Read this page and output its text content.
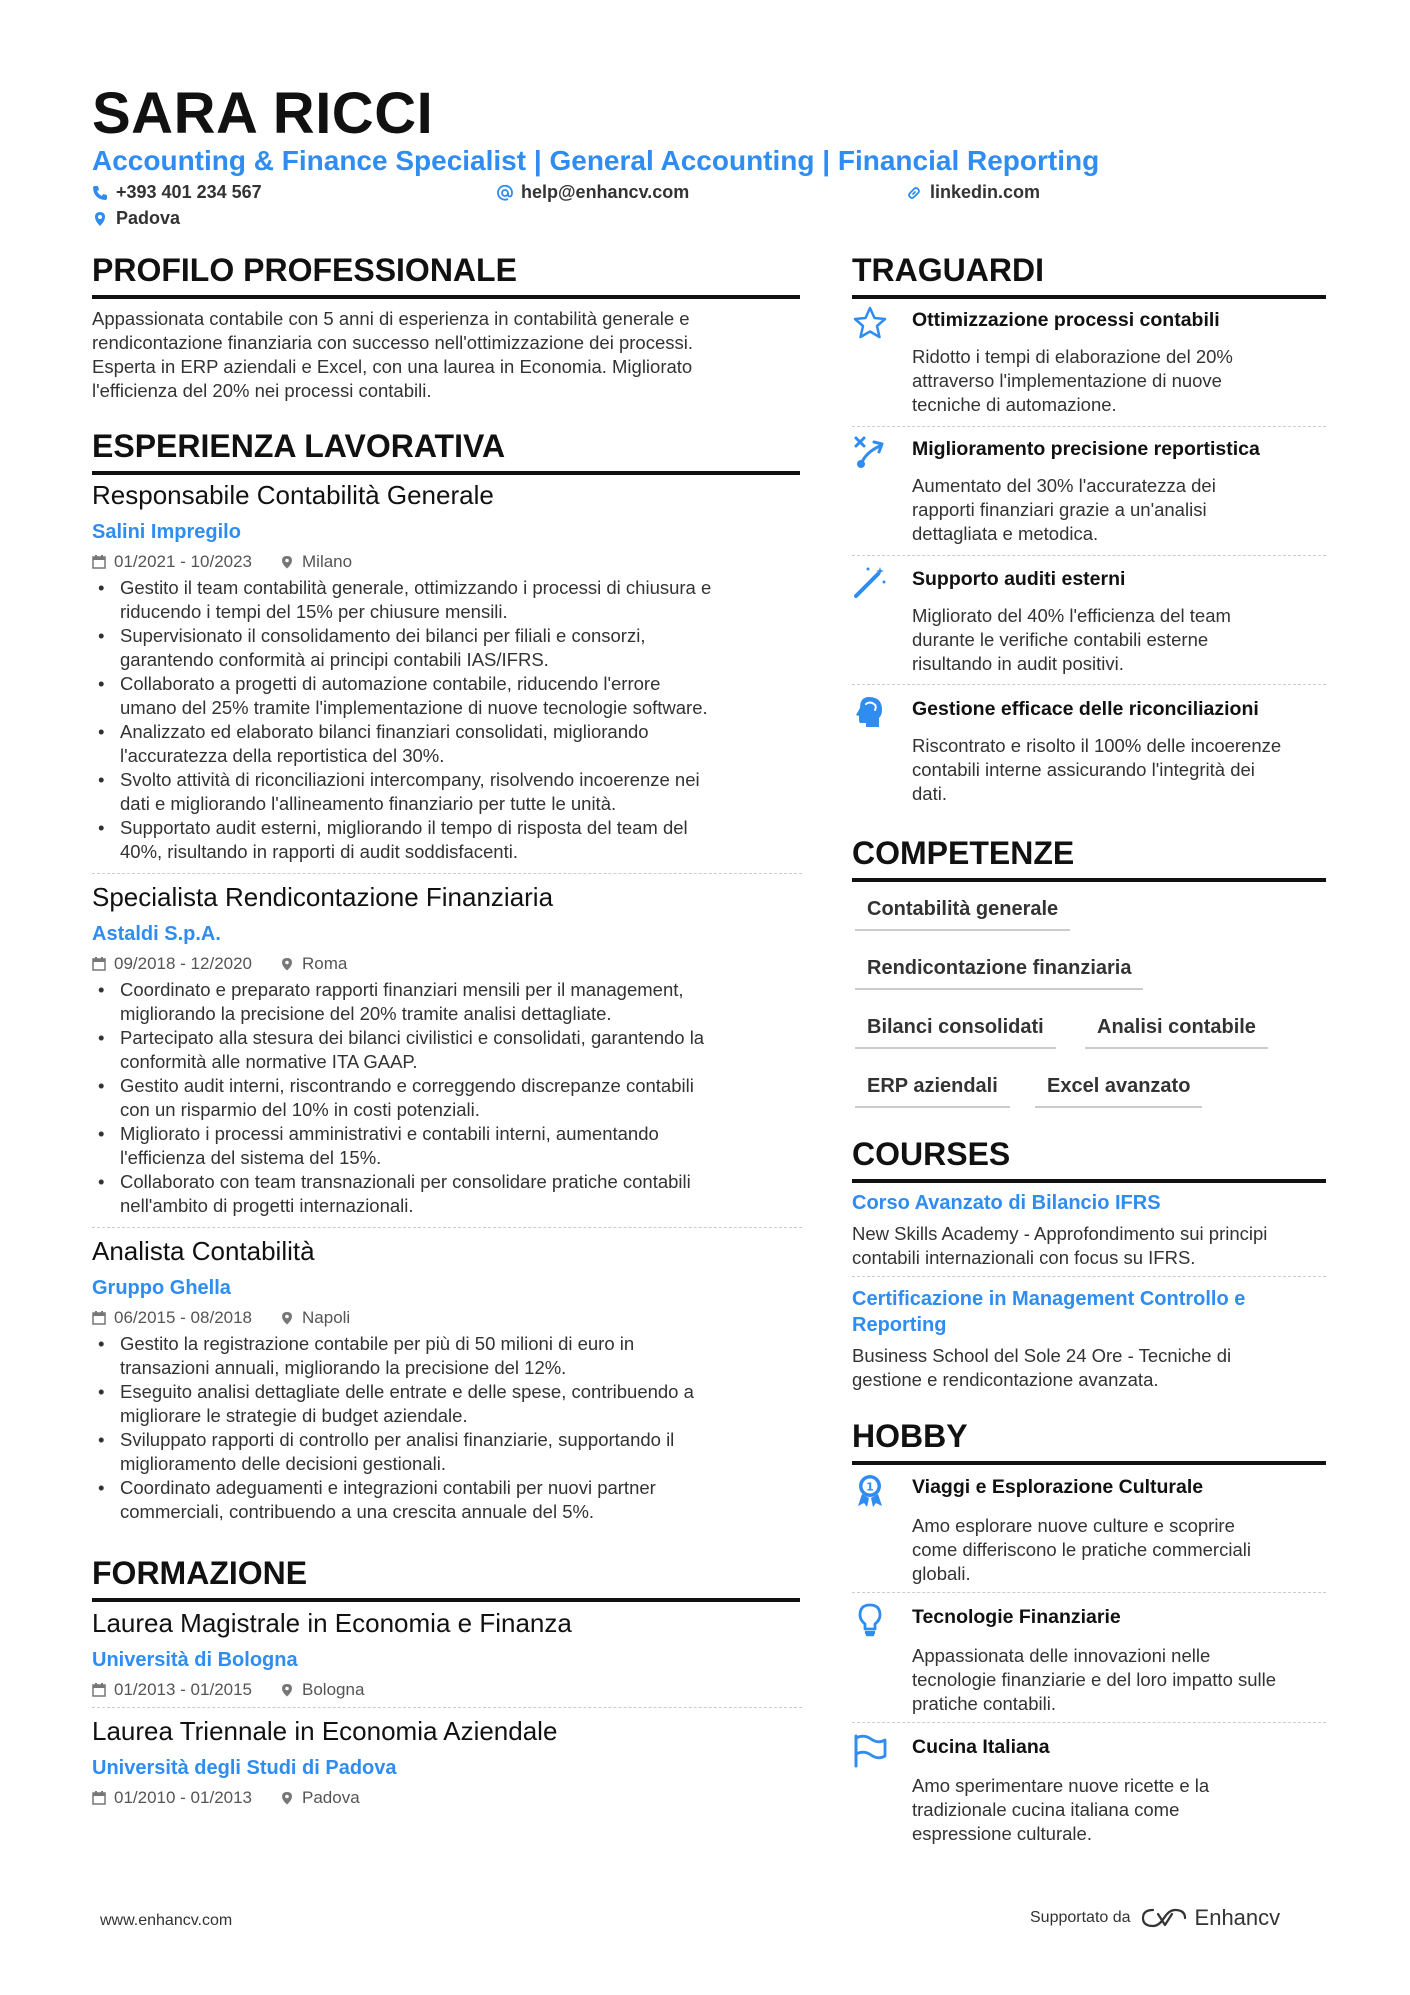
SARA RICCI
Accounting & Finance Specialist | General Accounting | Financial Reporting
+393 401 234 567	help@enhancv.com	linkedin.com
Padova
PROFILO PROFESSIONALE
Appassionata contabile con 5 anni di esperienza in contabilità generale e
rendicontazione finanziaria con successo nell'ottimizzazione dei processi.
Esperta in ERP aziendali e Excel, con una laurea in Economia. Migliorato
l'efficienza del 20% nei processi contabili.
ESPERIENZA LAVORATIVA
Responsabile Contabilità Generale
Salini Impregilo
01/2021 - 10/2023	Milano
• Gestito il team contabilità generale, ottimizzando i processi di chiusura e
riducendo i tempi del 15% per chiusure mensili.
• Supervisionato il consolidamento dei bilanci per filiali e consorzi,
garantendo conformità ai principi contabili IAS/IFRS.
• Collaborato a progetti di automazione contabile, riducendo l'errore
umano del 25% tramite l'implementazione di nuove tecnologie software.
• Analizzato ed elaborato bilanci finanziari consolidati, migliorando
l'accuratezza della reportistica del 30%.
• Svolto attività di riconciliazioni intercompany, risolvendo incoerenze nei
dati e migliorando l'allineamento finanziario per tutte le unità.
• Supportato audit esterni, migliorando il tempo di risposta del team del
40%, risultando in rapporti di audit soddisfacenti.
Specialista Rendicontazione Finanziaria
Astaldi S.p.A.
09/2018 - 12/2020	Roma
• Coordinato e preparato rapporti finanziari mensili per il management,
migliorando la precisione del 20% tramite analisi dettagliate.
• Partecipato alla stesura dei bilanci civilistici e consolidati, garantendo la
conformità alle normative ITA GAAP.
• Gestito audit interni, riscontrando e correggendo discrepanze contabili
con un risparmio del 10% in costi potenziali.
• Migliorato i processi amministrativi e contabili interni, aumentando
l'efficienza del sistema del 15%.
• Collaborato con team transnazionali per consolidare pratiche contabili
nell'ambito di progetti internazionali.
Analista Contabilità
Gruppo Ghella
06/2015 - 08/2018	Napoli
• Gestito la registrazione contabile per più di 50 milioni di euro in
transazioni annuali, migliorando la precisione del 12%.
• Eseguito analisi dettagliate delle entrate e delle spese, contribuendo a
migliorare le strategie di budget aziendale.
• Sviluppato rapporti di controllo per analisi finanziarie, supportando il
miglioramento delle decisioni gestionali.
• Coordinato adeguamenti e integrazioni contabili per nuovi partner
commerciali, contribuendo a una crescita annuale del 5%.
FORMAZIONE
Laurea Magistrale in Economia e Finanza
Università di Bologna
01/2013 - 01/2015	Bologna
Laurea Triennale in Economia Aziendale
Università degli Studi di Padova
01/2010 - 01/2013	Padova
TRAGUARDI
Ottimizzazione processi contabili
Ridotto i tempi di elaborazione del 20%
attraverso l'implementazione di nuove
tecniche di automazione.
Miglioramento precisione reportistica
Aumentato del 30% l'accuratezza dei
rapporti finanziari grazie a un'analisi
dettagliata e metodica.
Supporto auditi esterni
Migliorato del 40% l'efficienza del team
durante le verifiche contabili esterne
risultando in audit positivi.
Gestione efficace delle riconciliazioni
Riscontrato e risolto il 100% delle incoerenze
contabili interne assicurando l'integrità dei
dati.
COMPETENZE
Contabilità generale
Rendicontazione finanziaria
Bilanci consolidati	Analisi contabile
ERP aziendali	Excel avanzato
COURSES
Corso Avanzato di Bilancio IFRS
New Skills Academy - Approfondimento sui principi
contabili internazionali con focus su IFRS.
Certificazione in Management Controllo e
Reporting
Business School del Sole 24 Ore - Tecniche di
gestione e rendicontazione avanzata.
HOBBY
1 Viaggi e Esplorazione Culturale
Amo esplorare nuove culture e scoprire
come differiscono le pratiche commerciali
globali.
Tecnologie Finanziarie
Appassionata delle innovazioni nelle
tecnologie finanziarie e del loro impatto sulle
pratiche contabili.
Cucina Italiana
Amo sperimentare nuove ricette e la
tradizionale cucina italiana come
espressione culturale.
www.enhancv.com	Supportato da	Enhancv
